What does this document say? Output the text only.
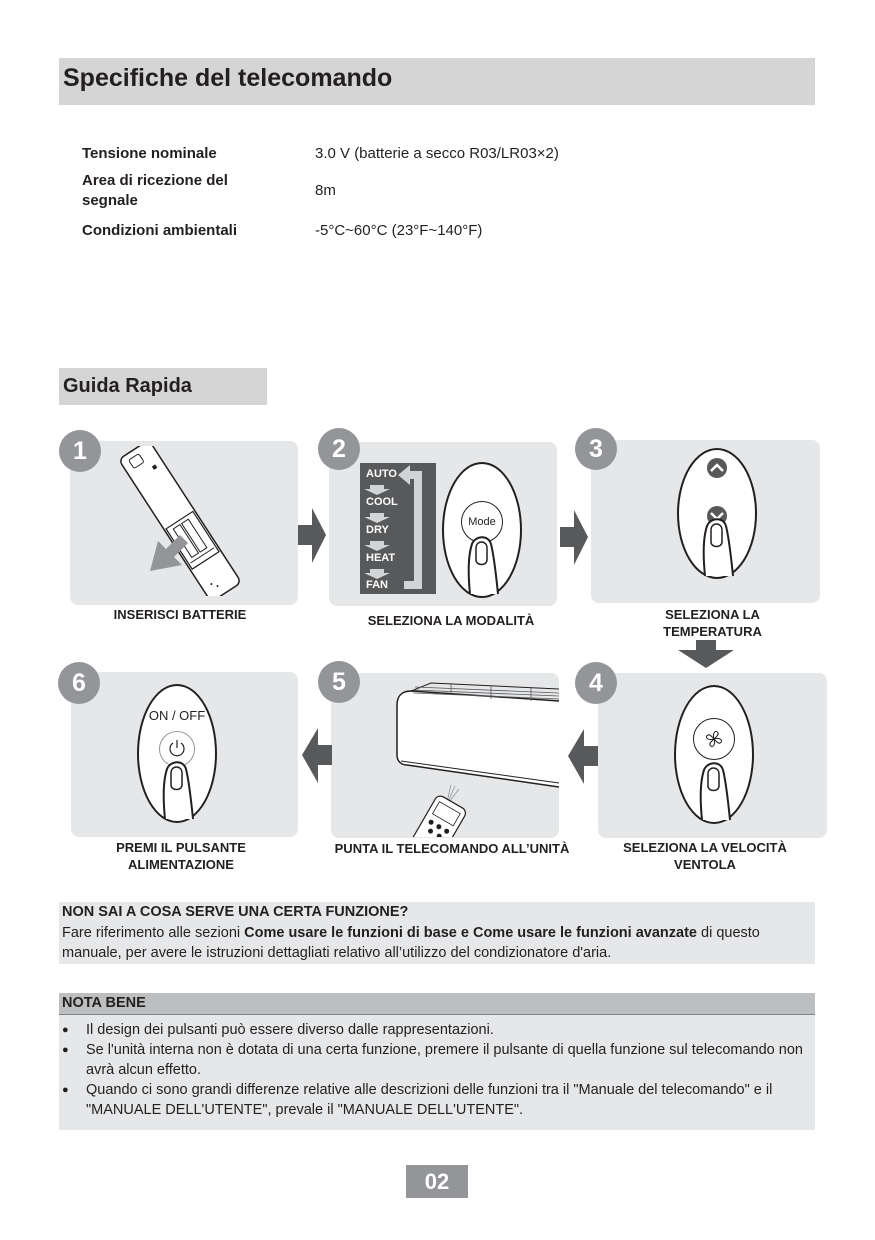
Specifiche del telecomando
Tensione nominale	3.0 V (batterie a secco R03/LR03×2)
Area di ricezione del
segnale
8m
Condizioni ambientali	-5°C~60°C (23°F~140°F)
Guida Rapida
1
INSERISCI BATTERIE
AUTO
COOL
DRY
HEAT
FAN
Mode
2
SELEZIONA LA MODALITÀ
3
SELEZIONA LA
TEMPERATURA
4
SELEZIONA LA VELOCITÀ
VENTOLA
5
PUNTA IL TELECOMANDO ALL’UNITÀ
ON / OFF
6
PREMI IL PULSANTE
ALIMENTAZIONE
NON SAI A COSA SERVE UNA CERTA FUNZIONE?
Fare riferimento alle sezioni Come usare le funzioni di base e Come usare le funzioni avanzate di questo manuale, per avere le istruzioni dettagliati relativo all’utilizzo del condizionatore d'aria.
NOTA BENE
● Il design dei pulsanti può essere diverso dalle rappresentazioni.
● Se l'unità interna non è dotata di una certa funzione, premere il pulsante di quella funzione sul telecomando non avrà alcun effetto.
● Quando ci sono grandi differenze relative alle descrizioni delle funzioni tra il "Manuale del telecomando" e il "MANUALE DELL'UTENTE", prevale il "MANUALE DELL'UTENTE".
02
